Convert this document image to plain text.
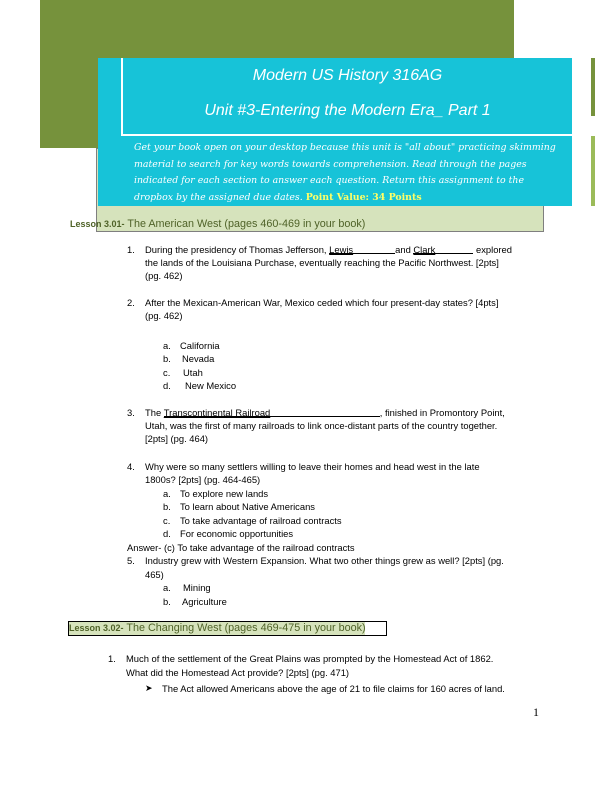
Modern US History 316AG
Unit #3-Entering the Modern Era_ Part 1
Get your book open on your desktop because this unit is "all about" practicing skimming material to search for key words towards comprehension. Read through the pages indicated for each section to answer each question. Return this assignment to the dropbox by the assigned due dates. Point Value: 34 Points
Lesson 3.01- The American West (pages 460-469 in your book)
1. During the presidency of Thomas Jefferson, Lewis	and Clark	explored
the lands of the Louisiana Purchase, eventually reaching the Pacific Northwest. [2pts]
(pg. 462)
2. After the Mexican-American War, Mexico ceded which four present-day states? [4pts]
(pg. 462)
a. California
b. Nevada
c. Utah
d. New Mexico
3. The Transcontinental Railroad	, finished in Promontory Point,
Utah, was the first of many railroads to link once-distant parts of the country together.
[2pts] (pg. 464)
4. Why were so many settlers willing to leave their homes and head west in the late
1800s? [2pts] (pg. 464-465)
a. To explore new lands
b. To learn about Native Americans
c. To take advantage of railroad contracts
d. For economic opportunities
Answer- (c) To take advantage of the railroad contracts
5. Industry grew with Western Expansion. What two other things grew as well? [2pts] (pg.
465)
a. Mining
b. Agriculture
Lesson 3.02- The Changing West (pages 469-475 in your book)
1. Much of the settlement of the Great Plains was prompted by the Homestead Act of 1862.
What did the Homestead Act provide? [2pts] (pg. 471)
➤ The Act allowed Americans above the age of 21 to file claims for 160 acres of land.
1
